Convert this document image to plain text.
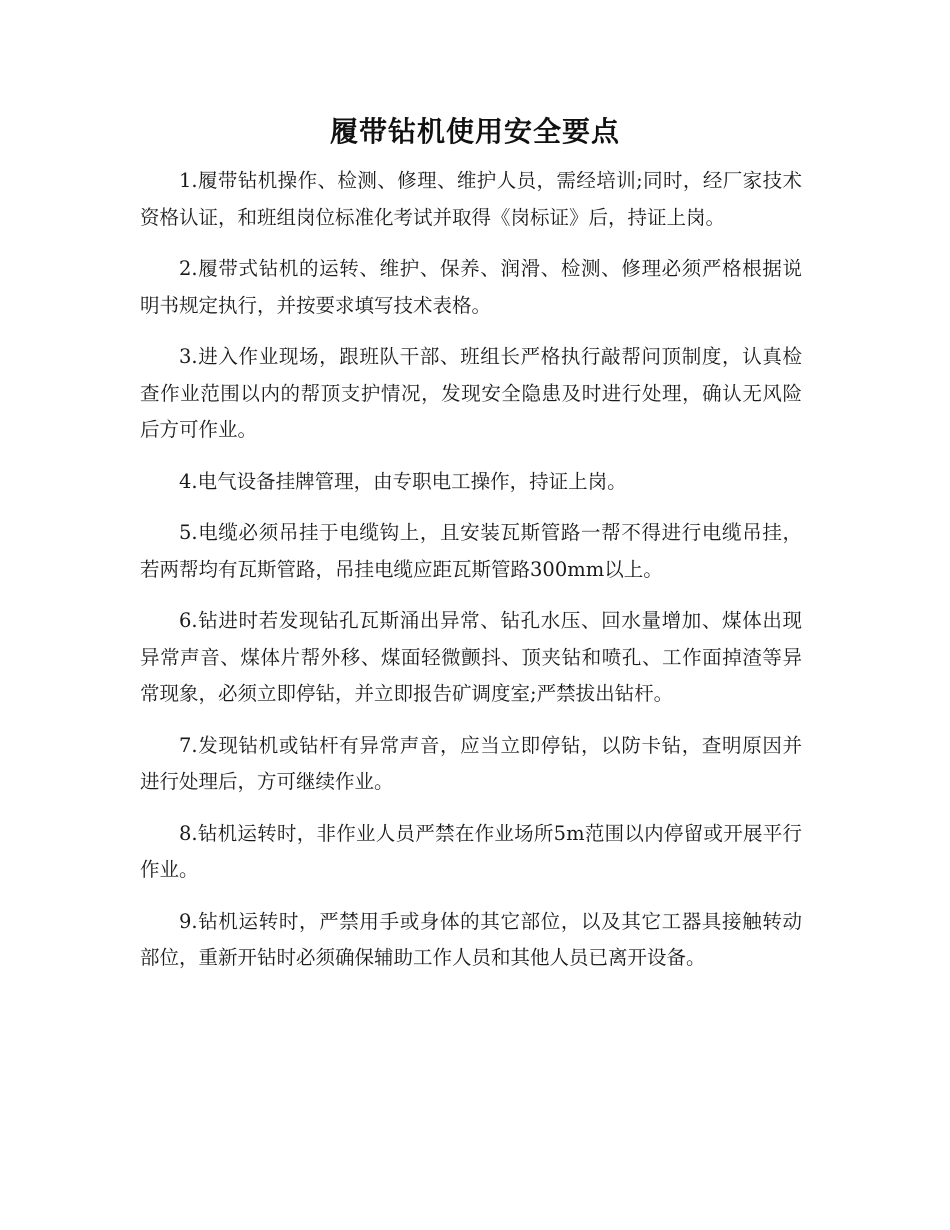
履带钻机使用安全要点

1.履带钻机操作、检测、修理、维护人员，需经培训;同时，经厂家技术资格认证，和班组岗位标准化考试并取得《岗标证》后，持证上岗。

2.履带式钻机的运转、维护、保养、润滑、检测、修理必须严格根据说明书规定执行，并按要求填写技术表格。

3.进入作业现场，跟班队干部、班组长严格执行敲帮问顶制度，认真检查作业范围以内的帮顶支护情况，发现安全隐患及时进行处理，确认无风险后方可作业。

4.电气设备挂牌管理，由专职电工操作，持证上岗。

5.电缆必须吊挂于电缆钩上，且安装瓦斯管路一帮不得进行电缆吊挂，若两帮均有瓦斯管路，吊挂电缆应距瓦斯管路300mm以上。

6.钻进时若发现钻孔瓦斯涌出异常、钻孔水压、回水量增加、煤体出现异常声音、煤体片帮外移、煤面轻微颤抖、顶夹钻和喷孔、工作面掉渣等异常现象，必须立即停钻，并立即报告矿调度室;严禁拔出钻杆。

7.发现钻机或钻杆有异常声音，应当立即停钻，以防卡钻，查明原因并进行处理后，方可继续作业。

8.钻机运转时，非作业人员严禁在作业场所5m范围以内停留或开展平行作业。

9.钻机运转时，严禁用手或身体的其它部位，以及其它工器具接触转动部位，重新开钻时必须确保辅助工作人员和其他人员已离开设备。
